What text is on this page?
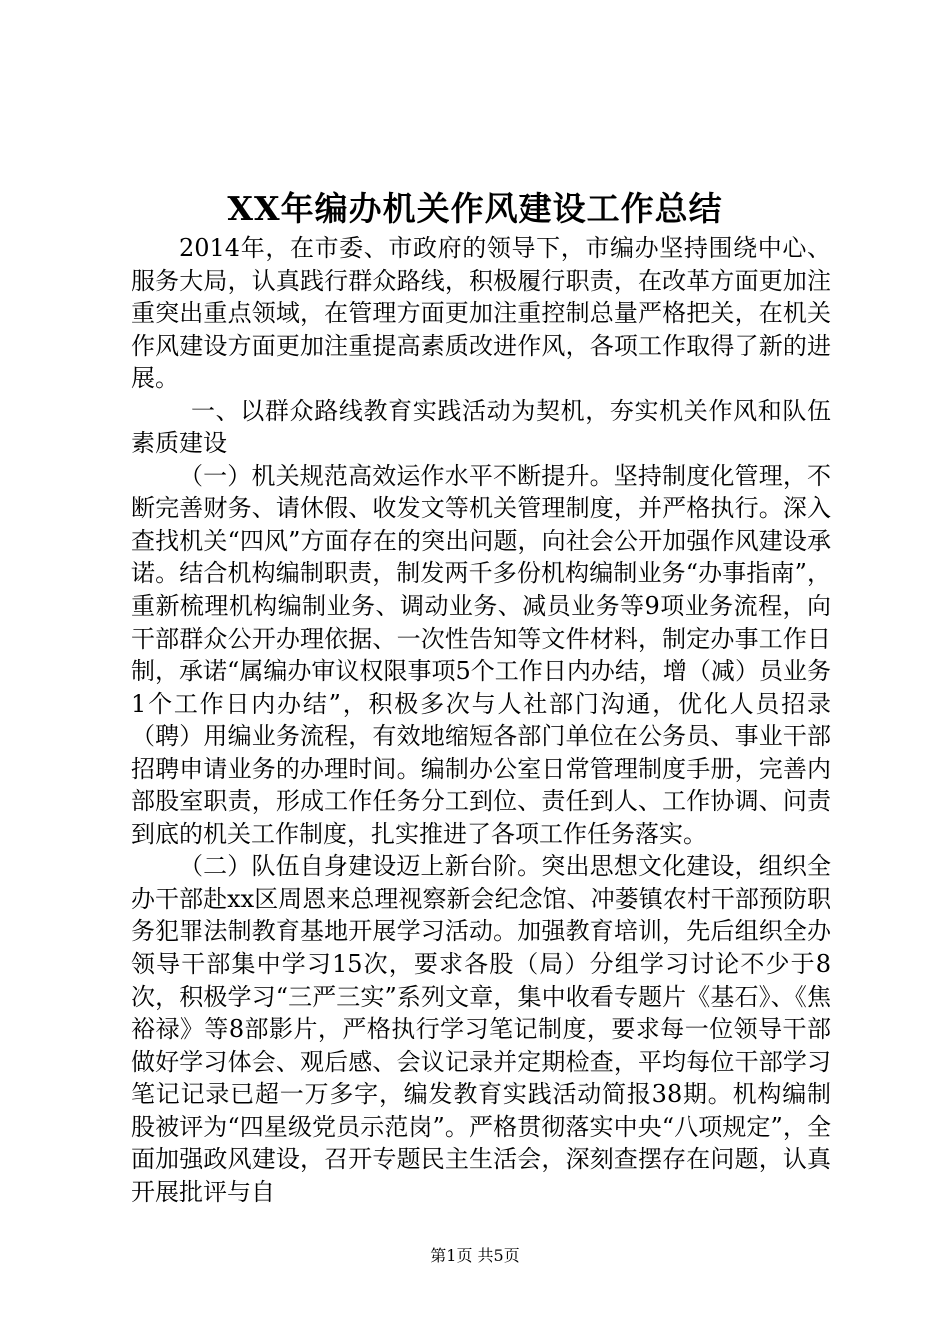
XX年编办机关作风建设工作总结

2014年，在市委、市政府的领导下，市编办坚持围绕中心、服务大局，认真践行群众路线，积极履行职责，在改革方面更加注重突出重点领域，在管理方面更加注重控制总量严格把关，在机关作风建设方面更加注重提高素质改进作风，各项工作取得了新的进展。

一、以群众路线教育实践活动为契机，夯实机关作风和队伍素质建设

（一）机关规范高效运作水平不断提升。坚持制度化管理，不断完善财务、请休假、收发文等机关管理制度，并严格执行。深入查找机关“四风”方面存在的突出问题，向社会公开加强作风建设承诺。结合机构编制职责，制发两千多份机构编制业务“办事指南”，重新梳理机构编制业务、调动业务、减员业务等9项业务流程，向干部群众公开办理依据、一次性告知等文件材料，制定办事工作日制，承诺“属编办审议权限事项5个工作日内办结，增（减）员业务1个工作日内办结”，积极多次与人社部门沟通，优化人员招录（聘）用编业务流程，有效地缩短各部门单位在公务员、事业干部招聘申请业务的办理时间。编制办公室日常管理制度手册，完善内部股室职责，形成工作任务分工到位、责任到人、工作协调、问责到底的机关工作制度，扎实推进了各项工作任务落实。

（二）队伍自身建设迈上新台阶。突出思想文化建设，组织全办干部赴xx区周恩来总理视察新会纪念馆、冲蒌镇农村干部预防职务犯罪法制教育基地开展学习活动。加强教育培训，先后组织全办领导干部集中学习15次，要求各股（局）分组学习讨论不少于8次，积极学习“三严三实”系列文章，集中收看专题片《基石》、《焦裕禄》等8部影片，严格执行学习笔记制度，要求每一位领导干部做好学习体会、观后感、会议记录并定期检查，平均每位干部学习笔记记录已超一万多字，编发教育实践活动简报38期。机构编制股被评为“四星级党员示范岗”。严格贯彻落实中央“八项规定”，全面加强政风建设，召开专题民主生活会，深刻查摆存在问题，认真开展批评与自

第1页 共5页
